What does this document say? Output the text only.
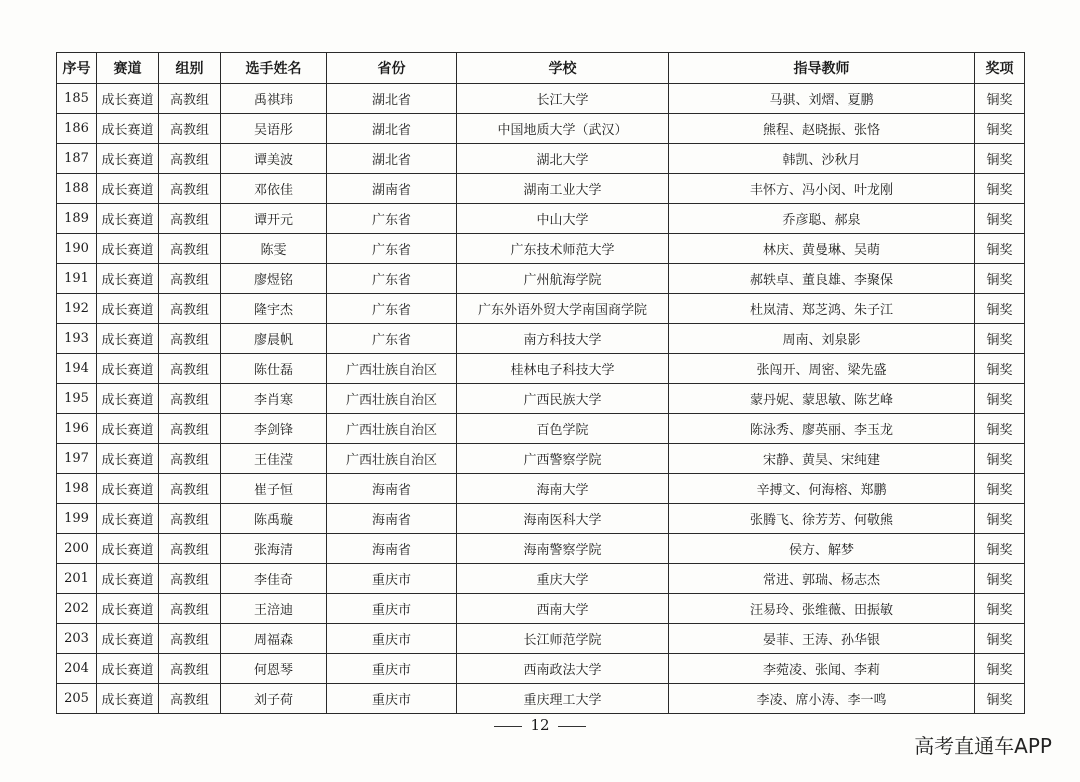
序号	赛道	组别	选手姓名	省份	学校	指导教师	奖项
185	成长赛道	高教组	禹祺玮	湖北省	长江大学	马骐、刘熠、夏鹏	铜奖
186	成长赛道	高教组	吴语彤	湖北省	中国地质大学（武汉）	熊程、赵晓振、张恪	铜奖
187	成长赛道	高教组	谭美波	湖北省	湖北大学	韩凯、沙秋月	铜奖
188	成长赛道	高教组	邓依佳	湖南省	湖南工业大学	丰怀方、冯小闵、叶龙刚	铜奖
189	成长赛道	高教组	谭开元	广东省	中山大学	乔彦聪、郝泉	铜奖
190	成长赛道	高教组	陈雯	广东省	广东技术师范大学	林庆、黄曼琳、吴萌	铜奖
191	成长赛道	高教组	廖煜铭	广东省	广州航海学院	郝轶卓、董良雄、李聚保	铜奖
192	成长赛道	高教组	隆宇杰	广东省	广东外语外贸大学南国商学院	杜岚清、郑芝鸿、朱子江	铜奖
193	成长赛道	高教组	廖晨帆	广东省	南方科技大学	周南、刘泉影	铜奖
194	成长赛道	高教组	陈仕磊	广西壮族自治区	桂林电子科技大学	张闯开、周密、梁先盛	铜奖
195	成长赛道	高教组	李肖寒	广西壮族自治区	广西民族大学	蒙丹妮、蒙思敏、陈艺峰	铜奖
196	成长赛道	高教组	李剑锋	广西壮族自治区	百色学院	陈泳秀、廖英丽、李玉龙	铜奖
197	成长赛道	高教组	王佳滢	广西壮族自治区	广西警察学院	宋静、黄昊、宋纯建	铜奖
198	成长赛道	高教组	崔子恒	海南省	海南大学	辛搏文、何海榕、郑鹏	铜奖
199	成长赛道	高教组	陈禹璇	海南省	海南医科大学	张腾飞、徐芳芳、何敬熊	铜奖
200	成长赛道	高教组	张海清	海南省	海南警察学院	侯方、解梦	铜奖
201	成长赛道	高教组	李佳奇	重庆市	重庆大学	常进、郭瑞、杨志杰	铜奖
202	成长赛道	高教组	王涪迪	重庆市	西南大学	汪易玲、张维薇、田振敏	铜奖
203	成长赛道	高教组	周福森	重庆市	长江师范学院	晏菲、王涛、孙华银	铜奖
204	成长赛道	高教组	何恩琴	重庆市	西南政法大学	李菀凌、张闻、李莉	铜奖
205	成长赛道	高教组	刘子荷	重庆市	重庆理工大学	李凌、席小涛、李一鸣	铜奖
12
高考直通车APP
